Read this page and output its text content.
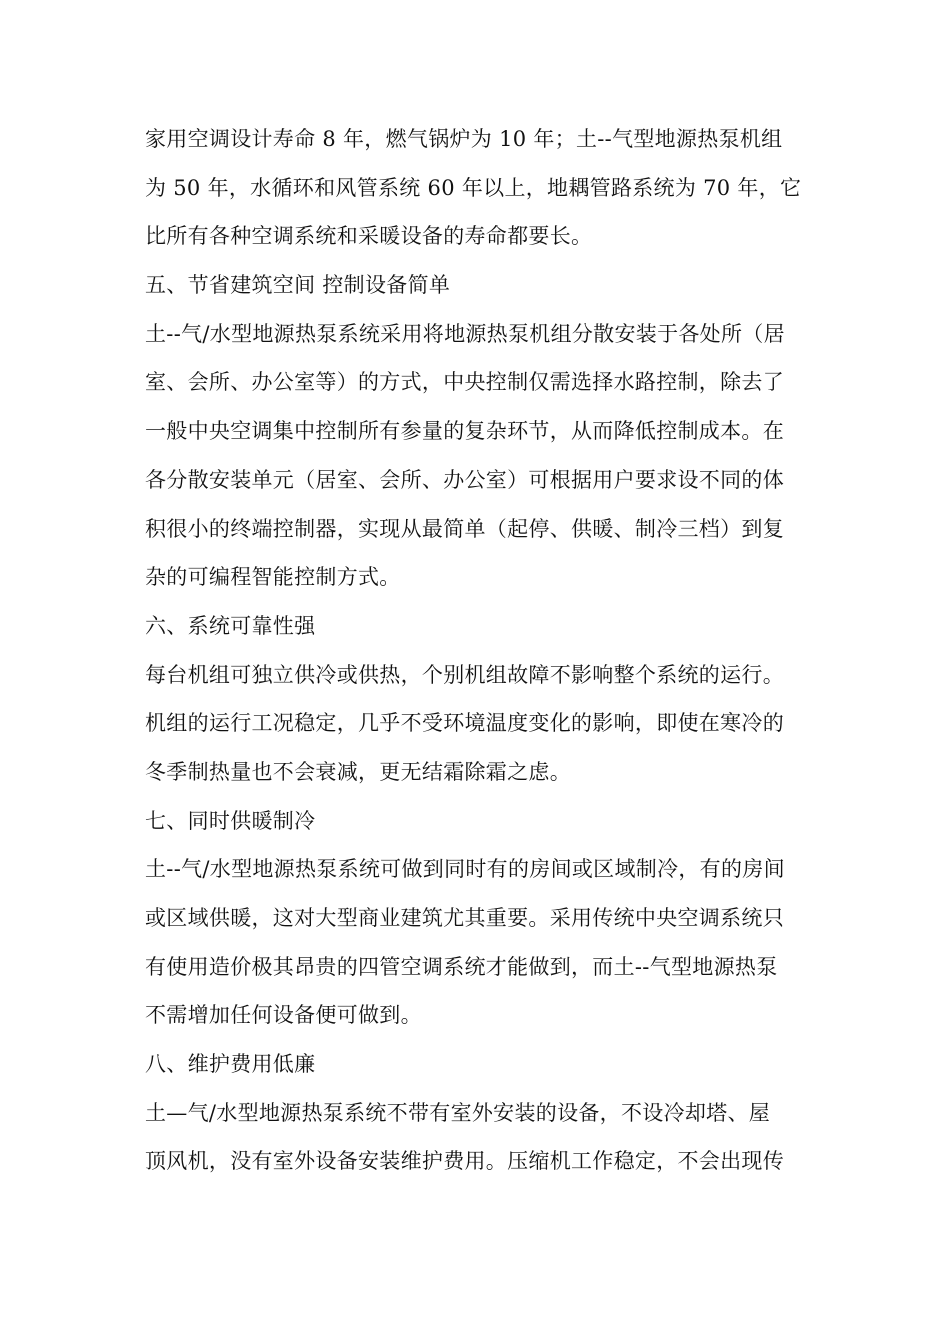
家用空调设计寿命 8 年，燃气锅炉为 10 年；土--气型地源热泵机组
为 50 年，水循环和风管系统 60 年以上，地耦管路系统为 70 年，它
比所有各种空调系统和采暖设备的寿命都要长。
五、节省建筑空间 控制设备简单
土--气/水型地源热泵系统采用将地源热泵机组分散安装于各处所（居
室、会所、办公室等）的方式，中央控制仅需选择水路控制，除去了
一般中央空调集中控制所有参量的复杂环节，从而降低控制成本。在
各分散安装单元（居室、会所、办公室）可根据用户要求设不同的体
积很小的终端控制器，实现从最简单（起停、供暖、制冷三档）到复
杂的可编程智能控制方式。
六、系统可靠性强
每台机组可独立供冷或供热，个别机组故障不影响整个系统的运行。
机组的运行工况稳定，几乎不受环境温度变化的影响，即使在寒冷的
冬季制热量也不会衰减，更无结霜除霜之虑。
七、同时供暖制冷
土--气/水型地源热泵系统可做到同时有的房间或区域制冷，有的房间
或区域供暖，这对大型商业建筑尤其重要。采用传统中央空调系统只
有使用造价极其昂贵的四管空调系统才能做到，而土--气型地源热泵
不需增加任何设备便可做到。
八、维护费用低廉
土—气/水型地源热泵系统不带有室外安装的设备，不设冷却塔、屋
顶风机，没有室外设备安装维护费用。压缩机工作稳定，不会出现传
